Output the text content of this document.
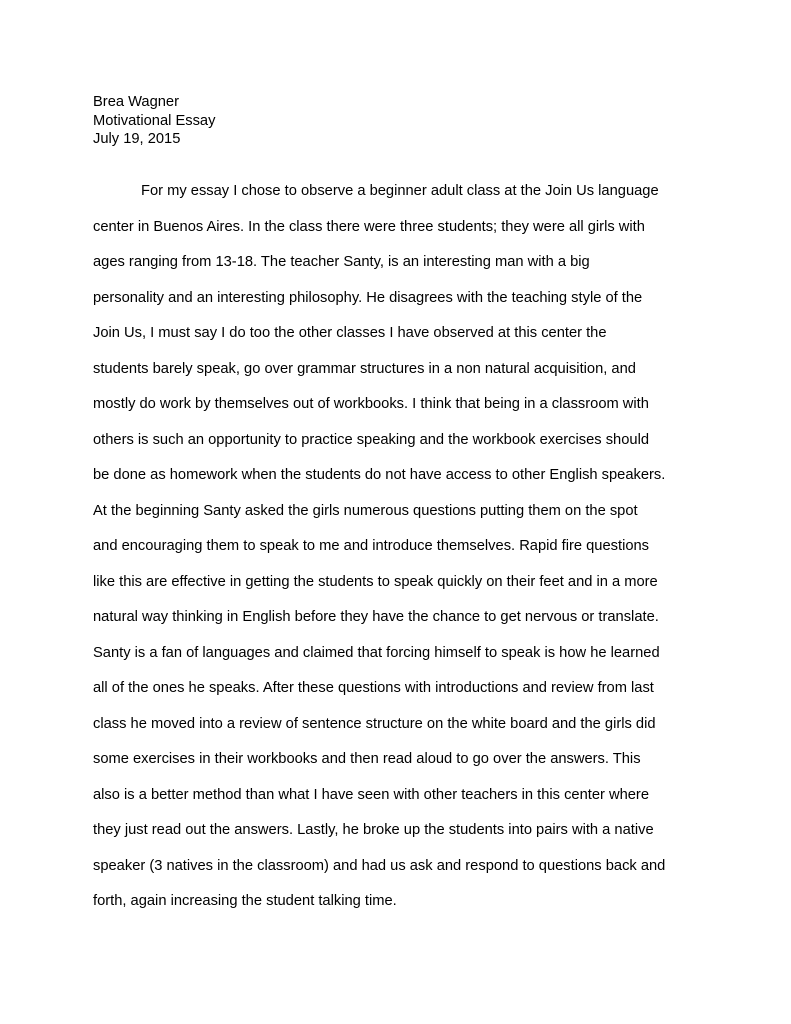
Brea Wagner
Motivational Essay
July 19, 2015
For my essay I chose to observe a beginner adult class at the Join Us language
center in Buenos Aires. In the class there were three students; they were all girls with
ages ranging from 13-18. The teacher Santy, is an interesting man with a big
personality and an interesting philosophy. He disagrees with the teaching style of the
Join Us, I must say I do too the other classes I have observed at this center the
students barely speak, go over grammar structures in a non natural acquisition, and
mostly do work by themselves out of workbooks. I think that being in a classroom with
others is such an opportunity to practice speaking and the workbook exercises should
be done as homework when the students do not have access to other English speakers.
At the beginning Santy asked the girls numerous questions putting them on the spot
and encouraging them to speak to me and introduce themselves. Rapid fire questions
like this are effective in getting the students to speak quickly on their feet and in a more
natural way thinking in English before they have the chance to get nervous or translate.
Santy is a fan of languages and claimed that forcing himself to speak is how he learned
all of the ones he speaks. After these questions with introductions and review from last
class he moved into a review of sentence structure on the white board and the girls did
some exercises in their workbooks and then read aloud to go over the answers. This
also is a better method than what I have seen with other teachers in this center where
they just read out the answers. Lastly, he broke up the students into pairs with a native
speaker (3 natives in the classroom) and had us ask and respond to questions back and
forth, again increasing the student talking time.
